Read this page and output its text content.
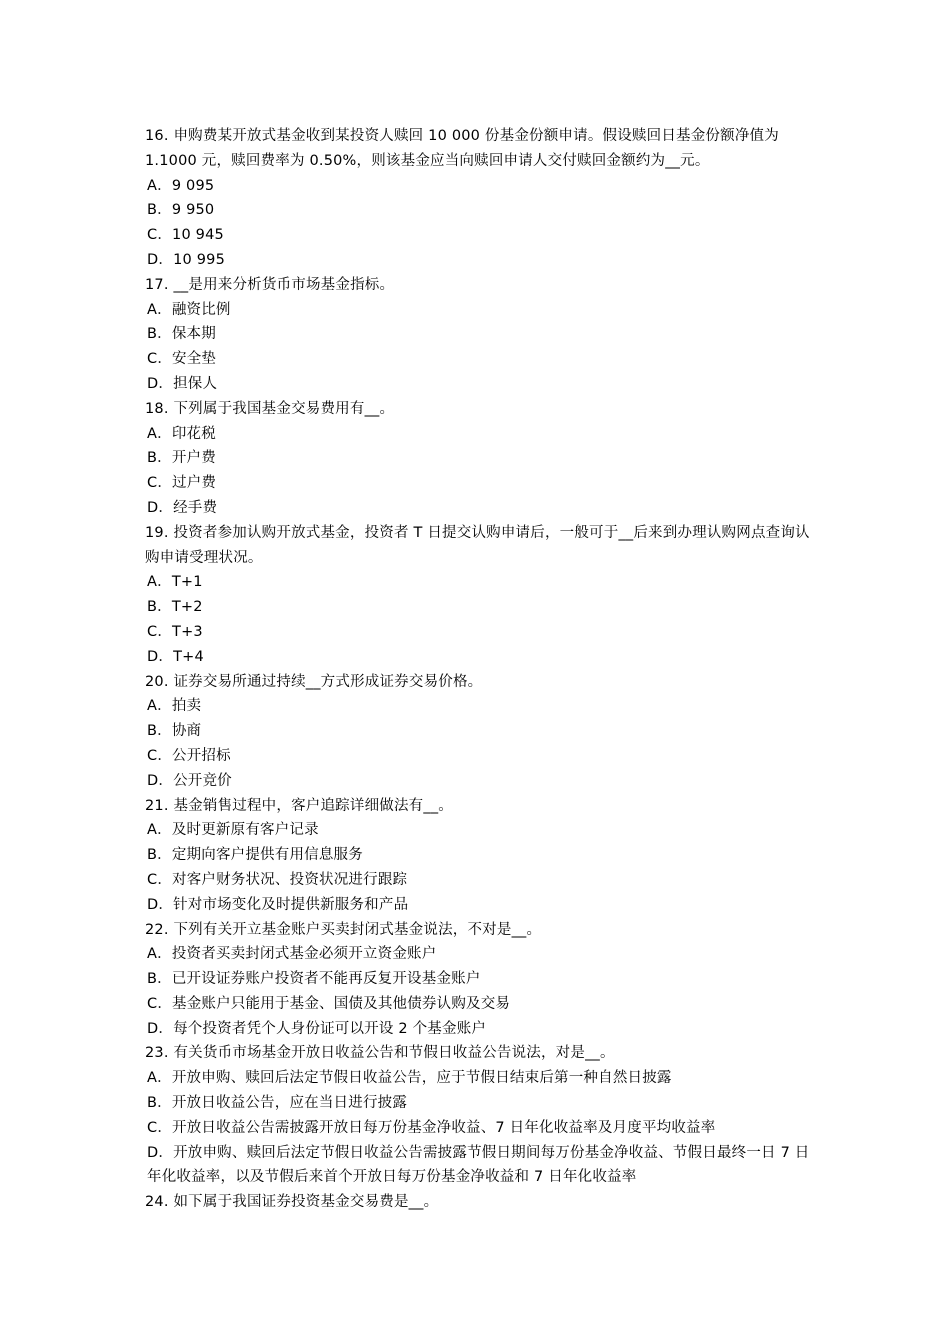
16. 申购费某开放式基金收到某投资人赎回 10 000 份基金份额申请。假设赎回日基金份额净值为 1.1000 元，赎回费率为 0.50%，则该基金应当向赎回申请人交付赎回金额约为__元。
A．9 095
B．9 950
C．10 945
D．10 995
17. __是用来分析货币市场基金指标。
A．融资比例
B．保本期
C．安全垫
D．担保人
18. 下列属于我国基金交易费用有__。
A．印花税
B．开户费
C．过户费
D．经手费
19. 投资者参加认购开放式基金，投资者 T 日提交认购申请后，一般可于__后来到办理认购网点查询认购申请受理状况。
A．T+1
B．T+2
C．T+3
D．T+4
20. 证券交易所通过持续__方式形成证券交易价格。
A．拍卖
B．协商
C．公开招标
D．公开竞价
21. 基金销售过程中，客户追踪详细做法有__。
A．及时更新原有客户记录
B．定期向客户提供有用信息服务
C．对客户财务状况、投资状况进行跟踪
D．针对市场变化及时提供新服务和产品
22. 下列有关开立基金账户买卖封闭式基金说法，不对是__。
A．投资者买卖封闭式基金必须开立资金账户
B．已开设证券账户投资者不能再反复开设基金账户
C．基金账户只能用于基金、国债及其他债券认购及交易
D．每个投资者凭个人身份证可以开设 2 个基金账户
23. 有关货币市场基金开放日收益公告和节假日收益公告说法，对是__。
A．开放申购、赎回后法定节假日收益公告，应于节假日结束后第一种自然日披露
B．开放日收益公告，应在当日进行披露
C．开放日收益公告需披露开放日每万份基金净收益、7 日年化收益率及月度平均收益率
D．开放申购、赎回后法定节假日收益公告需披露节假日期间每万份基金净收益、节假日最终一日 7 日年化收益率，以及节假后来首个开放日每万份基金净收益和 7 日年化收益率
24. 如下属于我国证券投资基金交易费是__。
